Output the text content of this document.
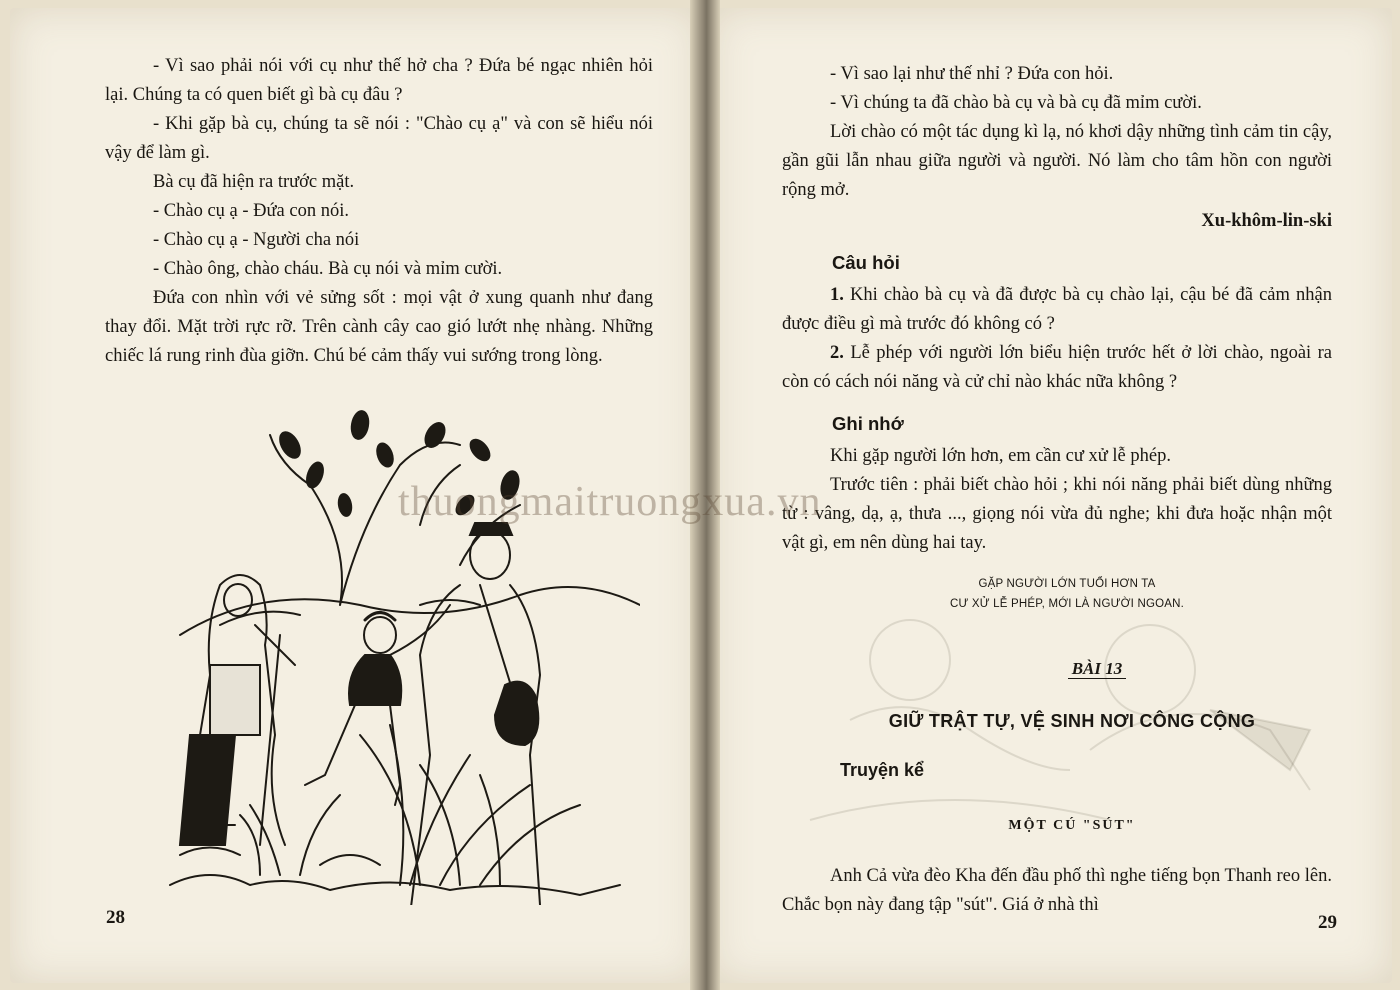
- Vì sao phải nói với cụ như thế hở cha ? Đứa bé ngạc nhiên hỏi lại. Chúng ta có quen biết gì bà cụ đâu ?

- Khi gặp bà cụ, chúng ta sẽ nói : "Chào cụ ạ" và con sẽ hiểu nói vậy để làm gì.

Bà cụ đã hiện ra trước mặt.

- Chào cụ ạ - Đứa con nói.

- Chào cụ ạ - Người cha nói

- Chào ông, chào cháu. Bà cụ nói và mỉm cười.

Đứa con nhìn với vẻ sửng sốt : mọi vật ở xung quanh như đang thay đổi. Mặt trời rực rỡ. Trên cành cây cao gió lướt nhẹ nhàng. Những chiếc lá rung rinh đùa giỡn. Chú bé cảm thấy vui sướng trong lòng.

28

- Vì sao lại như thế nhỉ ? Đứa con hỏi.

- Vì chúng ta đã chào bà cụ và bà cụ đã mỉm cười.

Lời chào có một tác dụng kì lạ, nó khơi dậy những tình cảm tin cậy, gần gũi lẫn nhau giữa người và người. Nó làm cho tâm hồn con người rộng mở.

Xu-khôm-lin-ski

Câu hỏi

1. Khi chào bà cụ và đã được bà cụ chào lại, cậu bé đã cảm nhận được điều gì mà trước đó không có ?

2. Lễ phép với người lớn biểu hiện trước hết ở lời chào, ngoài ra còn có cách nói năng và cử chỉ nào khác nữa không ?

Ghi nhớ

Khi gặp người lớn hơn, em cần cư xử lễ phép.

Trước tiên : phải biết chào hỏi ; khi nói năng phải biết dùng những từ : vâng, dạ, ạ, thưa ..., giọng nói vừa đủ nghe; khi đưa hoặc nhận một vật gì, em nên dùng hai tay.

GẶP NGƯỜI LỚN TUỔI HƠN TA
CƯ XỬ LỄ PHÉP, MỚI LÀ NGƯỜI NGOAN.
BÀI 13
GIỮ TRẬT TỰ, VỆ SINH NƠI CÔNG CỘNG
Truyện kể
MỘT CÚ "SÚT"

Anh Cả vừa đèo Kha đến đầu phố thì nghe tiếng bọn Thanh reo lên. Chắc bọn này đang tập "sút". Giá ở nhà thì

29
thuongmaitruongxua.vn
